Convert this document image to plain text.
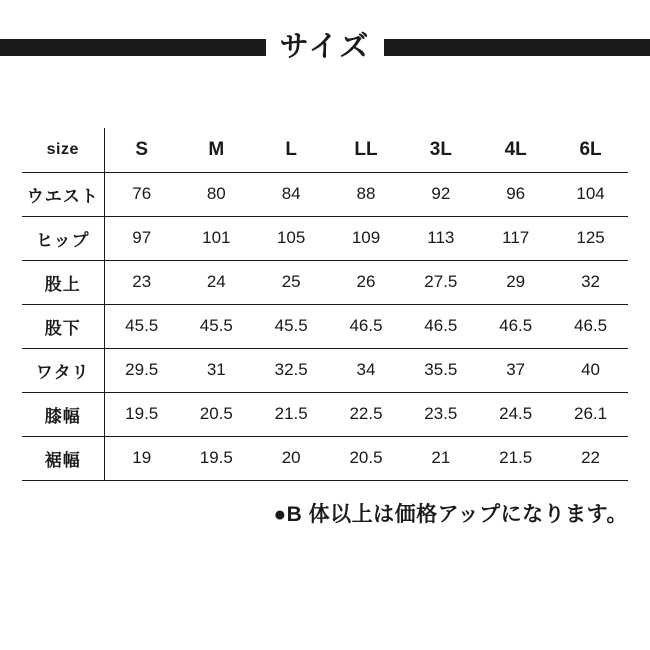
サイズ
size	S	M	L	LL	3L	4L	6L
ウエスト	76	80	84	88	92	96	104
ヒップ	97	101	105	109	113	117	125
股上	23	24	25	26	27.5	29	32
股下	45.5	45.5	45.5	46.5	46.5	46.5	46.5
ワタリ	29.5	31	32.5	34	35.5	37	40
膝幅	19.5	20.5	21.5	22.5	23.5	24.5	26.1
裾幅	19	19.5	20	20.5	21	21.5	22
●B 体以上は価格アップになります。
